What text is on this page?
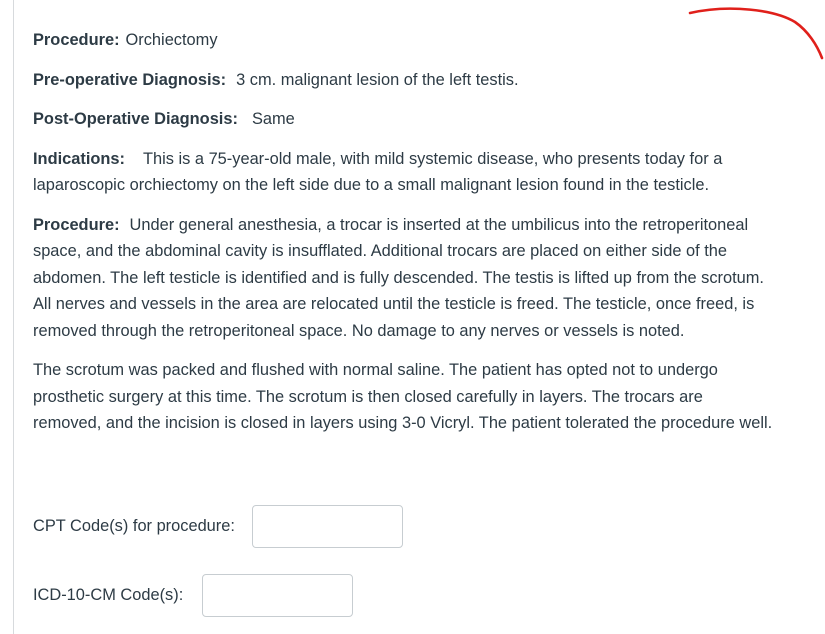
Procedure: Orchiectomy

Pre-operative Diagnosis: 3 cm. malignant lesion of the left testis.

Post-Operative Diagnosis: Same

Indications: This is a 75-year-old male, with mild systemic disease, who presents today for a laparoscopic orchiectomy on the left side due to a small malignant lesion found in the testicle.

Procedure: Under general anesthesia, a trocar is inserted at the umbilicus into the retroperitoneal space, and the abdominal cavity is insufflated. Additional trocars are placed on either side of the abdomen. The left testicle is identified and is fully descended. The testis is lifted up from the scrotum. All nerves and vessels in the area are relocated until the testicle is freed. The testicle, once freed, is removed through the retroperitoneal space. No damage to any nerves or vessels is noted.

The scrotum was packed and flushed with normal saline. The patient has opted not to undergo prosthetic surgery at this time. The scrotum is then closed carefully in layers. The trocars are removed, and the incision is closed in layers using 3-0 Vicryl. The patient tolerated the procedure well.

CPT Code(s) for procedure:
ICD-10-CM Code(s):
